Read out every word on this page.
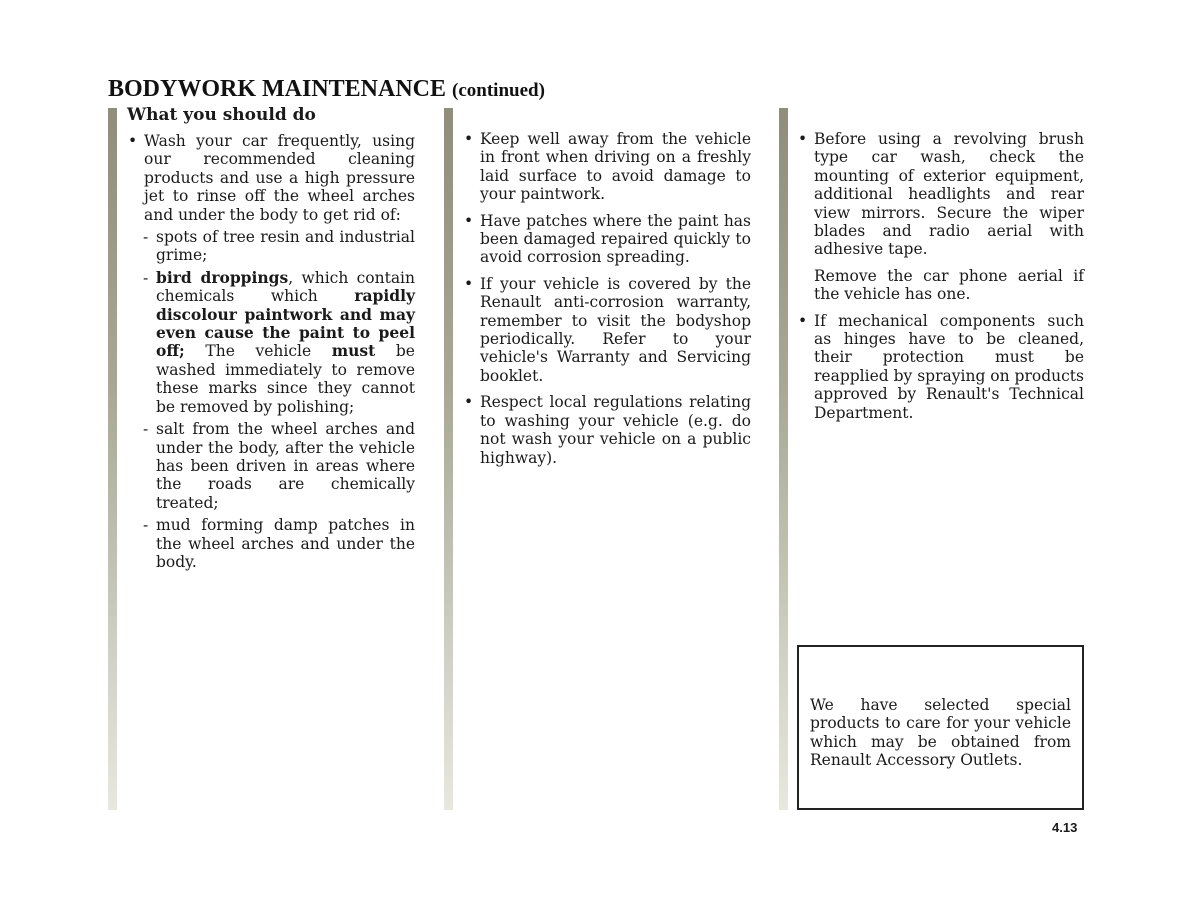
BODYWORK MAINTENANCE (continued)
What you should do
• Wash your car frequently, using our recommended cleaning products and use a high pressure jet to rinse off the wheel arches and under the body to get rid of:
- spots of tree resin and industrial grime;
- bird droppings, which contain chemicals which rapidly discolour paintwork and may even cause the paint to peel off; The vehicle must be washed immediately to remove these marks since they cannot be removed by polishing;
- salt from the wheel arches and under the body, after the vehicle has been driven in areas where the roads are chemically treated;
- mud forming damp patches in the wheel arches and under the body.
• Keep well away from the vehicle in front when driving on a freshly laid surface to avoid damage to your paintwork.
• Have patches where the paint has been damaged repaired quickly to avoid corrosion spreading.
• If your vehicle is covered by the Renault anti-corrosion warranty, remember to visit the bodyshop periodically. Refer to your vehicle's Warranty and Servicing booklet.
• Respect local regulations relating to washing your vehicle (e.g. do not wash your vehicle on a public highway).
• Before using a revolving brush type car wash, check the mounting of exterior equipment, additional headlights and rear view mirrors. Secure the wiper blades and radio aerial with adhesive tape.

Remove the car phone aerial if the vehicle has one.

• If mechanical components such as hinges have to be cleaned, their protection must be reapplied by spraying on products approved by Renault's Technical Department.
We have selected special products to care for your vehicle which may be obtained from Renault Accessory Outlets.
4.13
